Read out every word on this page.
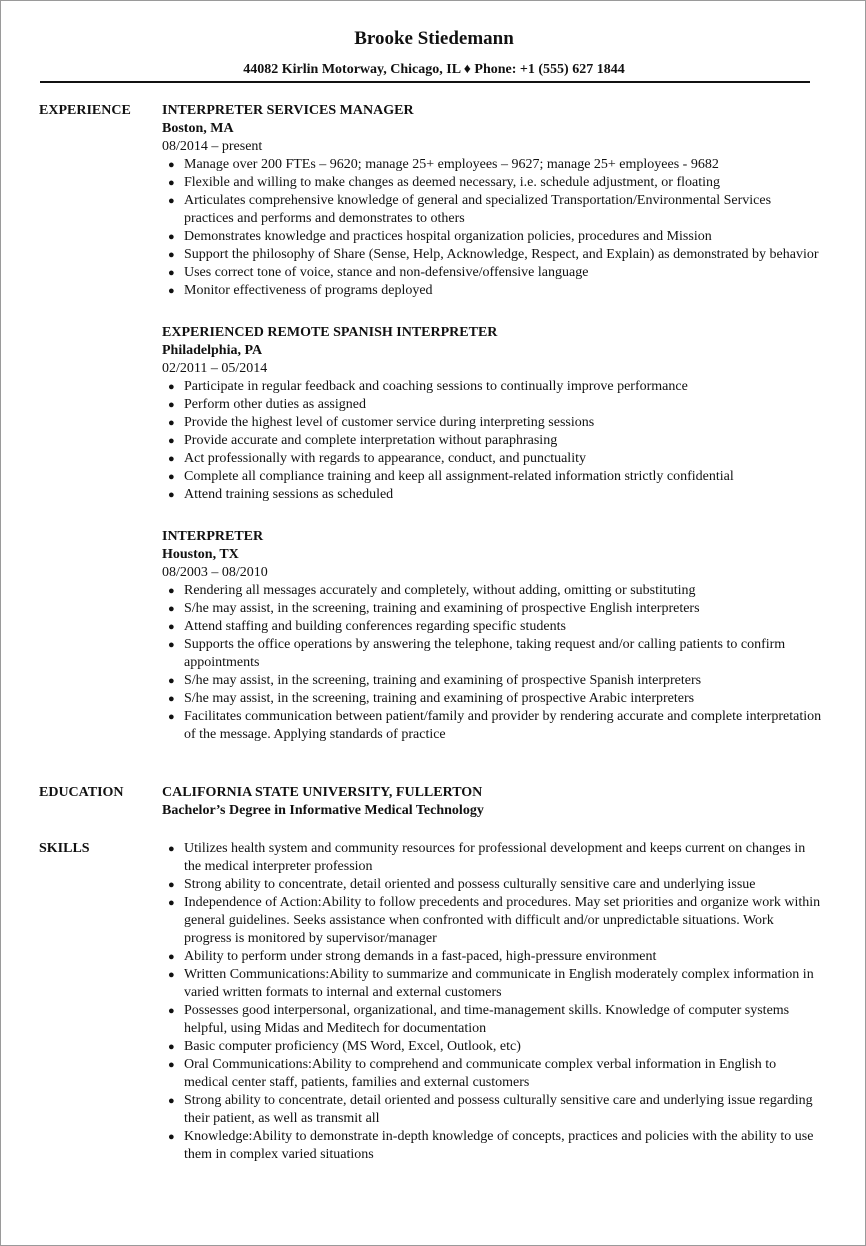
Brooke Stiedemann
44082 Kirlin Motorway, Chicago, IL ♦ Phone: +1 (555) 627 1844
EXPERIENCE INTERPRETER SERVICES MANAGER
Boston, MA
08/2014 – present
● Manage over 200 FTEs – 9620; manage 25+ employees – 9627; manage 25+ employees - 9682
● Flexible and willing to make changes as deemed necessary, i.e. schedule adjustment, or floating
● Articulates comprehensive knowledge of general and specialized Transportation/Environmental Services practices and performs and demonstrates to others
● Demonstrates knowledge and practices hospital organization policies, procedures and Mission
● Support the philosophy of Share (Sense, Help, Acknowledge, Respect, and Explain) as demonstrated by behavior
● Uses correct tone of voice, stance and non-defensive/offensive language
● Monitor effectiveness of programs deployed
EXPERIENCED REMOTE SPANISH INTERPRETER
Philadelphia, PA
02/2011 – 05/2014
● Participate in regular feedback and coaching sessions to continually improve performance
● Perform other duties as assigned
● Provide the highest level of customer service during interpreting sessions
● Provide accurate and complete interpretation without paraphrasing
● Act professionally with regards to appearance, conduct, and punctuality
● Complete all compliance training and keep all assignment-related information strictly confidential
● Attend training sessions as scheduled
INTERPRETER
Houston, TX
08/2003 – 08/2010
● Rendering all messages accurately and completely, without adding, omitting or substituting
● S/he may assist, in the screening, training and examining of prospective English interpreters
● Attend staffing and building conferences regarding specific students
● Supports the office operations by answering the telephone, taking request and/or calling patients to confirm appointments
● S/he may assist, in the screening, training and examining of prospective Spanish interpreters
● S/he may assist, in the screening, training and examining of prospective Arabic interpreters
● Facilitates communication between patient/family and provider by rendering accurate and complete interpretation of the message. Applying standards of practice
EDUCATION	CALIFORNIA STATE UNIVERSITY, FULLERTON
Bachelor’s Degree in Informative Medical Technology
SKILLS	● Utilizes health system and community resources for professional development and keeps current on changes in the medical interpreter profession
● Strong ability to concentrate, detail oriented and possess culturally sensitive care and underlying issue
● Independence of Action:Ability to follow precedents and procedures. May set priorities and organize work within general guidelines. Seeks assistance when confronted with difficult and/or unpredictable situations. Work progress is monitored by supervisor/manager
● Ability to perform under strong demands in a fast-paced, high-pressure environment
● Written Communications:Ability to summarize and communicate in English moderately complex information in varied written formats to internal and external customers
● Possesses good interpersonal, organizational, and time-management skills. Knowledge of computer systems helpful, using Midas and Meditech for documentation
● Basic computer proficiency (MS Word, Excel, Outlook, etc)
● Oral Communications:Ability to comprehend and communicate complex verbal information in English to medical center staff, patients, families and external customers
● Strong ability to concentrate, detail oriented and possess culturally sensitive care and underlying issue regarding their patient, as well as transmit all
● Knowledge:Ability to demonstrate in-depth knowledge of concepts, practices and policies with the ability to use them in complex varied situations
